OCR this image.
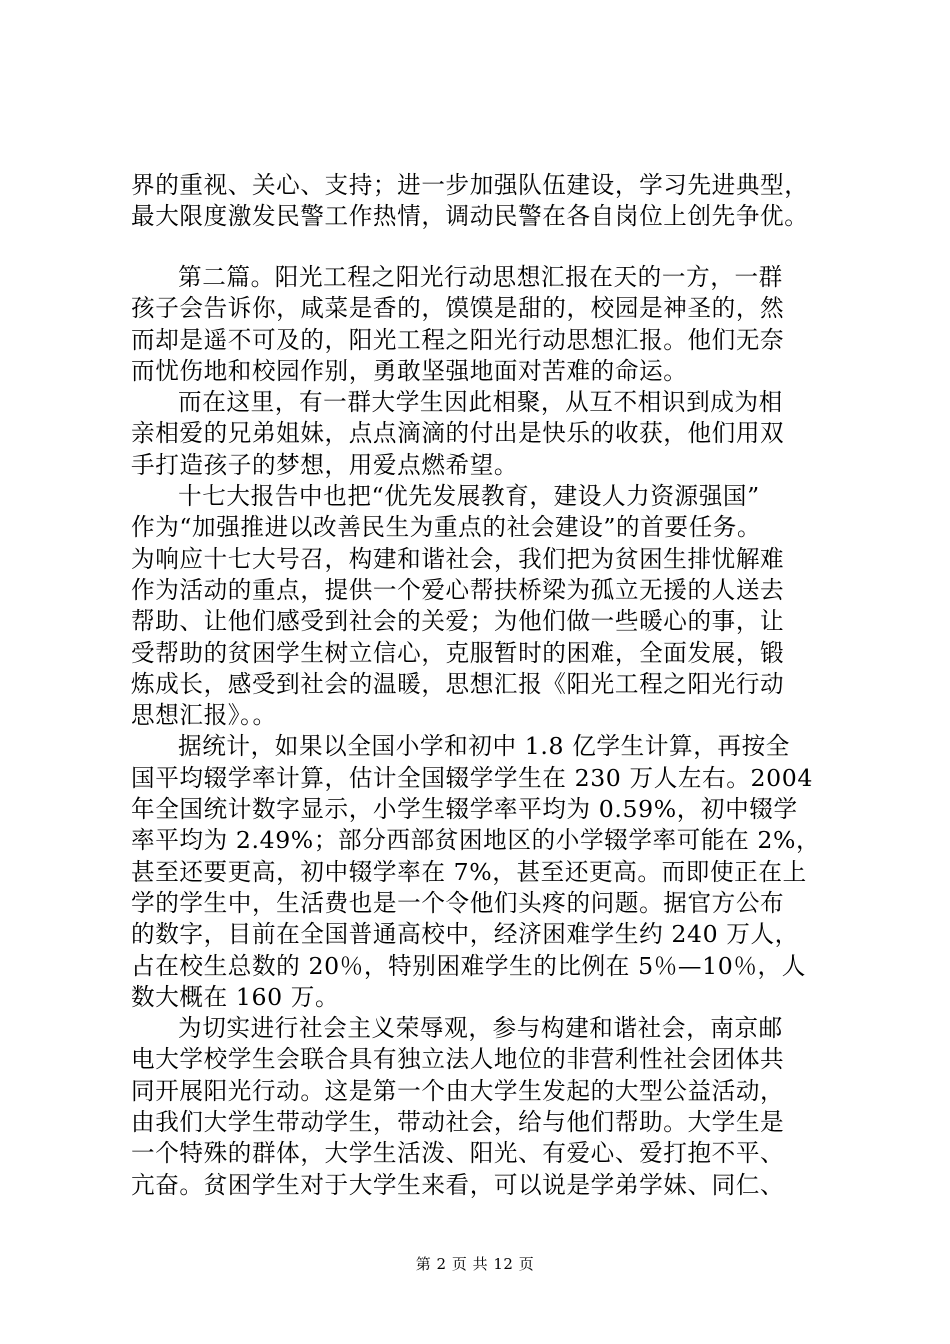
界的重视、关心、支持；进一步加强队伍建设，学习先进典型，

最大限度激发民警工作热情，调动民警在各自岗位上创先争优。

第二篇。阳光工程之阳光行动思想汇报在天的一方，一群

孩子会告诉你，咸菜是香的，馍馍是甜的，校园是神圣的，然

而却是遥不可及的，阳光工程之阳光行动思想汇报。他们无奈

而忧伤地和校园作别，勇敢坚强地面对苦难的命运。

而在这里，有一群大学生因此相聚，从互不相识到成为相

亲相爱的兄弟姐妹，点点滴滴的付出是快乐的收获，他们用双

手打造孩子的梦想，用爱点燃希望。

十七大报告中也把“优先发展教育，建设人力资源强国”

作为“加强推进以改善民生为重点的社会建设”的首要任务。

为响应十七大号召，构建和谐社会，我们把为贫困生排忧解难

作为活动的重点，提供一个爱心帮扶桥梁为孤立无援的人送去

帮助、让他们感受到社会的关爱；为他们做一些暖心的事，让

受帮助的贫困学生树立信心，克服暂时的困难，全面发展，锻

炼成长，感受到社会的温暖，思想汇报《阳光工程之阳光行动

思想汇报》。。

据统计，如果以全国小学和初中 1.8 亿学生计算，再按全

国平均辍学率计算，估计全国辍学学生在 230 万人左右。2004

年全国统计数字显示，小学生辍学率平均为 0.59%，初中辍学

率平均为 2.49%；部分西部贫困地区的小学辍学率可能在 2%，

甚至还要更高，初中辍学率在 7%，甚至还更高。而即使正在上

学的学生中，生活费也是一个令他们头疼的问题。据官方公布

的数字，目前在全国普通高校中，经济困难学生约 240 万人，

占在校生总数的 20％，特别困难学生的比例在 5％—10％，人

数大概在 160 万。

为切实进行社会主义荣辱观，参与构建和谐社会，南京邮

电大学校学生会联合具有独立法人地位的非营利性社会团体共

同开展阳光行动。这是第一个由大学生发起的大型公益活动，

由我们大学生带动学生，带动社会，给与他们帮助。大学生是

一个特殊的群体，大学生活泼、阳光、有爱心、爱打抱不平、

亢奋。贫困学生对于大学生来看，可以说是学弟学妹、同仁、

第 2 页 共 12 页
